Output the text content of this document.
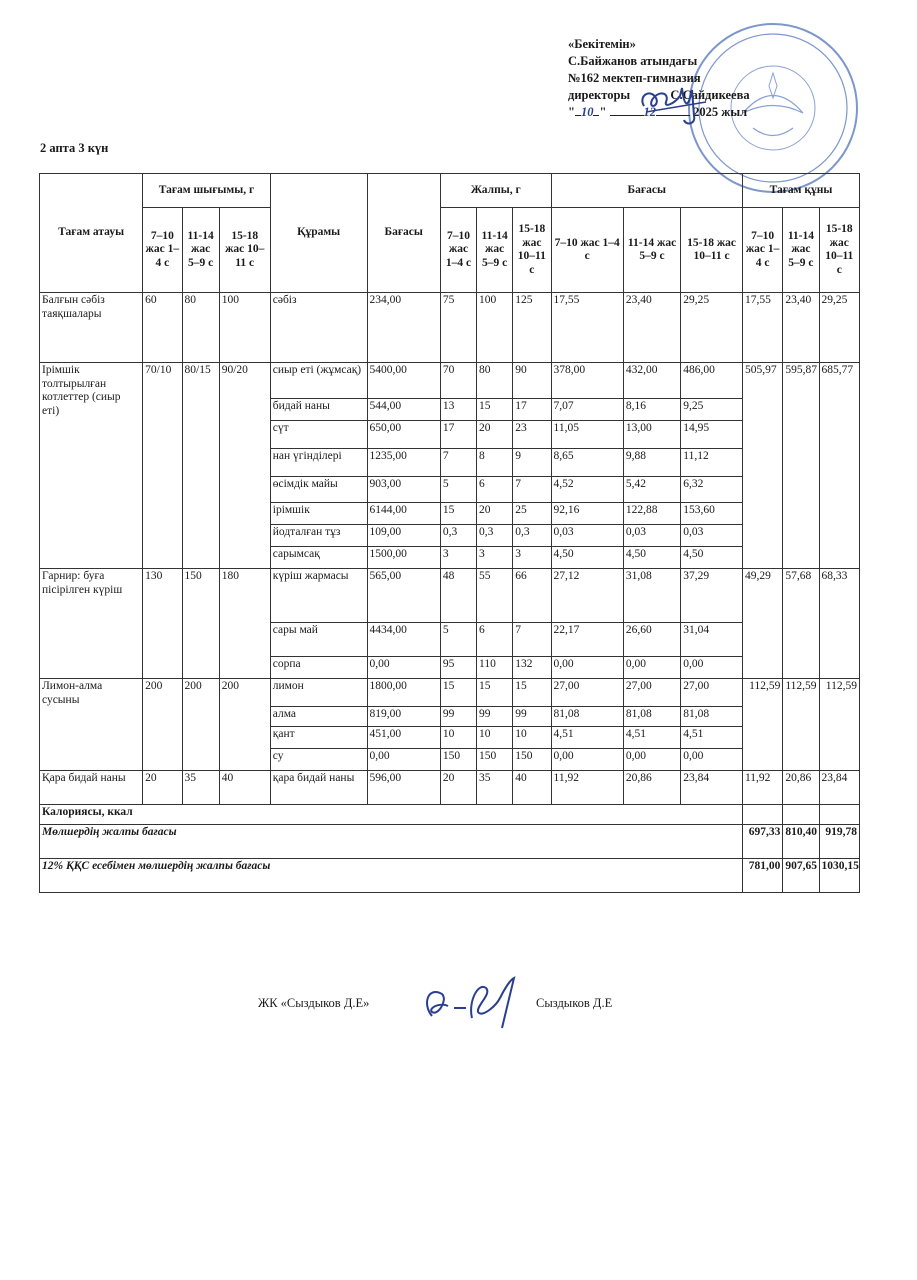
«Бекітемін»
С.Байжанов атындағы
№162 мектеп-гимназия
директоры	С.Сайдикеева
" 10 "	12	2025 жыл
2 апта 3 күн
Тағам атауы	Тағам шығымы, г			Құрамы	Бағасы	Жалпы, г			Бағасы			Тағам құны		
	7–10 жас 1–4 с	11-14 жас 5–9 с	15-18 жас 10–11 с			7–10 жас 1–4 с	11-14 жас 5–9 с	15-18 жас 10–11 с	7–10 жас 1–4 с	11-14 жас 5–9 с	15-18 жас 10–11 с	7–10 жас 1–4 с	11-14 жас 5–9 с	15-18 жас 10–11 с
Балғын сәбіз таяқшалары	60	80	100	сәбіз	234,00	75	100	125	17,55	23,40	29,25	17,55	23,40	29,25
Ірімшік толтырылған котлеттер (сиыр еті)	70/10	80/15	90/20	сиыр еті (жұмсақ)	5400,00	70	80	90	378,00	432,00	486,00	505,97	595,87	685,77
				бидай наны	544,00	13	15	17	7,07	8,16	9,25			
				сүт	650,00	17	20	23	11,05	13,00	14,95			
				нан үгінділері	1235,00	7	8	9	8,65	9,88	11,12			
				өсімдік майы	903,00	5	6	7	4,52	5,42	6,32			
				ірімшік	6144,00	15	20	25	92,16	122,88	153,60			
				йодталған тұз	109,00	0,3	0,3	0,3	0,03	0,03	0,03			
				сарымсақ	1500,00	3	3	3	4,50	4,50	4,50			
Гарнир: буға пісірілген күріш	130	150	180	күріш жармасы	565,00	48	55	66	27,12	31,08	37,29	49,29	57,68	68,33
				сары май	4434,00	5	6	7	22,17	26,60	31,04			
				сорпа	0,00	95	110	132	0,00	0,00	0,00			
Лимон-алма сусыны	200	200	200	лимон	1800,00	15	15	15	27,00	27,00	27,00	112,59	112,59	112,59
				алма	819,00	99	99	99	81,08	81,08	81,08			
				қант	451,00	10	10	10	4,51	4,51	4,51			
				су	0,00	150	150	150	0,00	0,00	0,00			
Қара бидай наны	20	35	40	қара бидай наны	596,00	20	35	40	11,92	20,86	23,84	11,92	20,86	23,84
Калориясы, ккал														
Мөлшердің жалпы бағасы												697,33	810,40	919,78
12% ҚҚС есебімен мөлшердің жалпы бағасы												781,00	907,65	1030,15
ЖК «Сыздыков Д.Е»	Сыздыков Д.Е
